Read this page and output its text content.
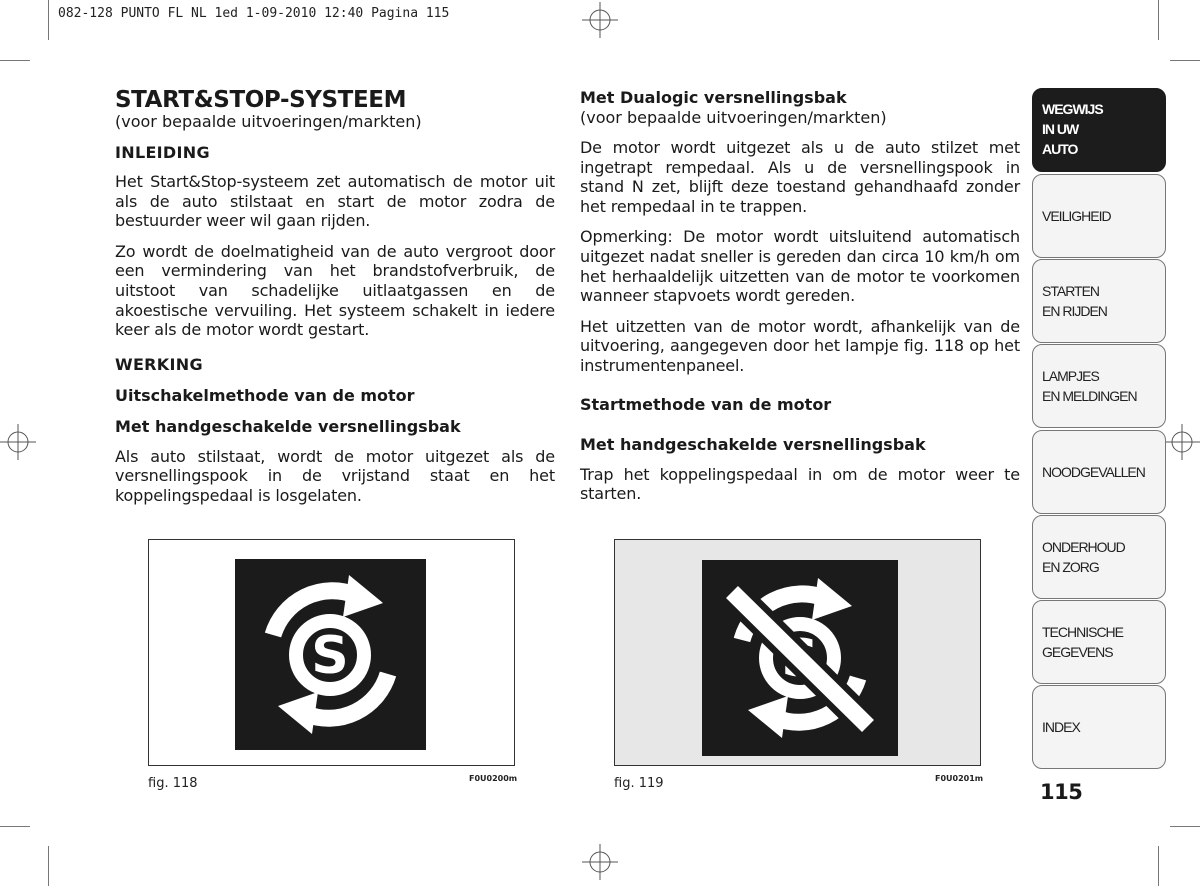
082-128 PUNTO FL NL 1ed 1-09-2010 12:40 Pagina 115
START&STOP-SYSTEEM

(voor bepaalde uitvoeringen/markten)

INLEIDING

Het Start&Stop-systeem zet automatisch de motor uit als de auto stilstaat en start de motor zodra de bestuurder weer wil gaan rijden.

Zo wordt de doelmatigheid van de auto vergroot door een vermindering van het brandstofverbruik, de uitstoot van schadelijke uitlaatgassen en de akoestische vervuiling. Het systeem schakelt in iedere keer als de motor wordt gestart.

WERKING
Uitschakelmethode van de motor
Met handgeschakelde versnellingsbak

Als auto stilstaat, wordt de motor uitgezet als de versnellingspook in de vrijstand staat en het koppelingspedaal is losgelaten.

Met Dualogic versnellingsbak

(voor bepaalde uitvoeringen/markten)

De motor wordt uitgezet als u de auto stilzet met ingetrapt rempedaal. Als u de versnellingspook in stand N zet, blijft deze toestand gehandhaafd zonder het rempedaal in te trappen.

Opmerking: De motor wordt uitsluitend automatisch uitgezet nadat sneller is gereden dan circa 10 km/h om het herhaaldelijk uitzetten van de motor te voorkomen wanneer stapvoets wordt gereden.

Het uitzetten van de motor wordt, afhankelijk van de uitvoering, aangegeven door het lampje fig. 118 op het instrumentenpaneel.

Startmethode van de motor
Met handgeschakelde versnellingsbak

Trap het koppelingspedaal in om de motor weer te starten.

S
fig. 118	F0U0200m	fig. 119	F0U0201m
WEGWIJS
IN UW
AUTO
VEILIGHEID
STARTEN
EN RIJDEN
LAMPJES
EN MELDINGEN
NOODGEVALLEN
ONDERHOUD
EN ZORG
TECHNISCHE
GEGEVENS
INDEX
115
